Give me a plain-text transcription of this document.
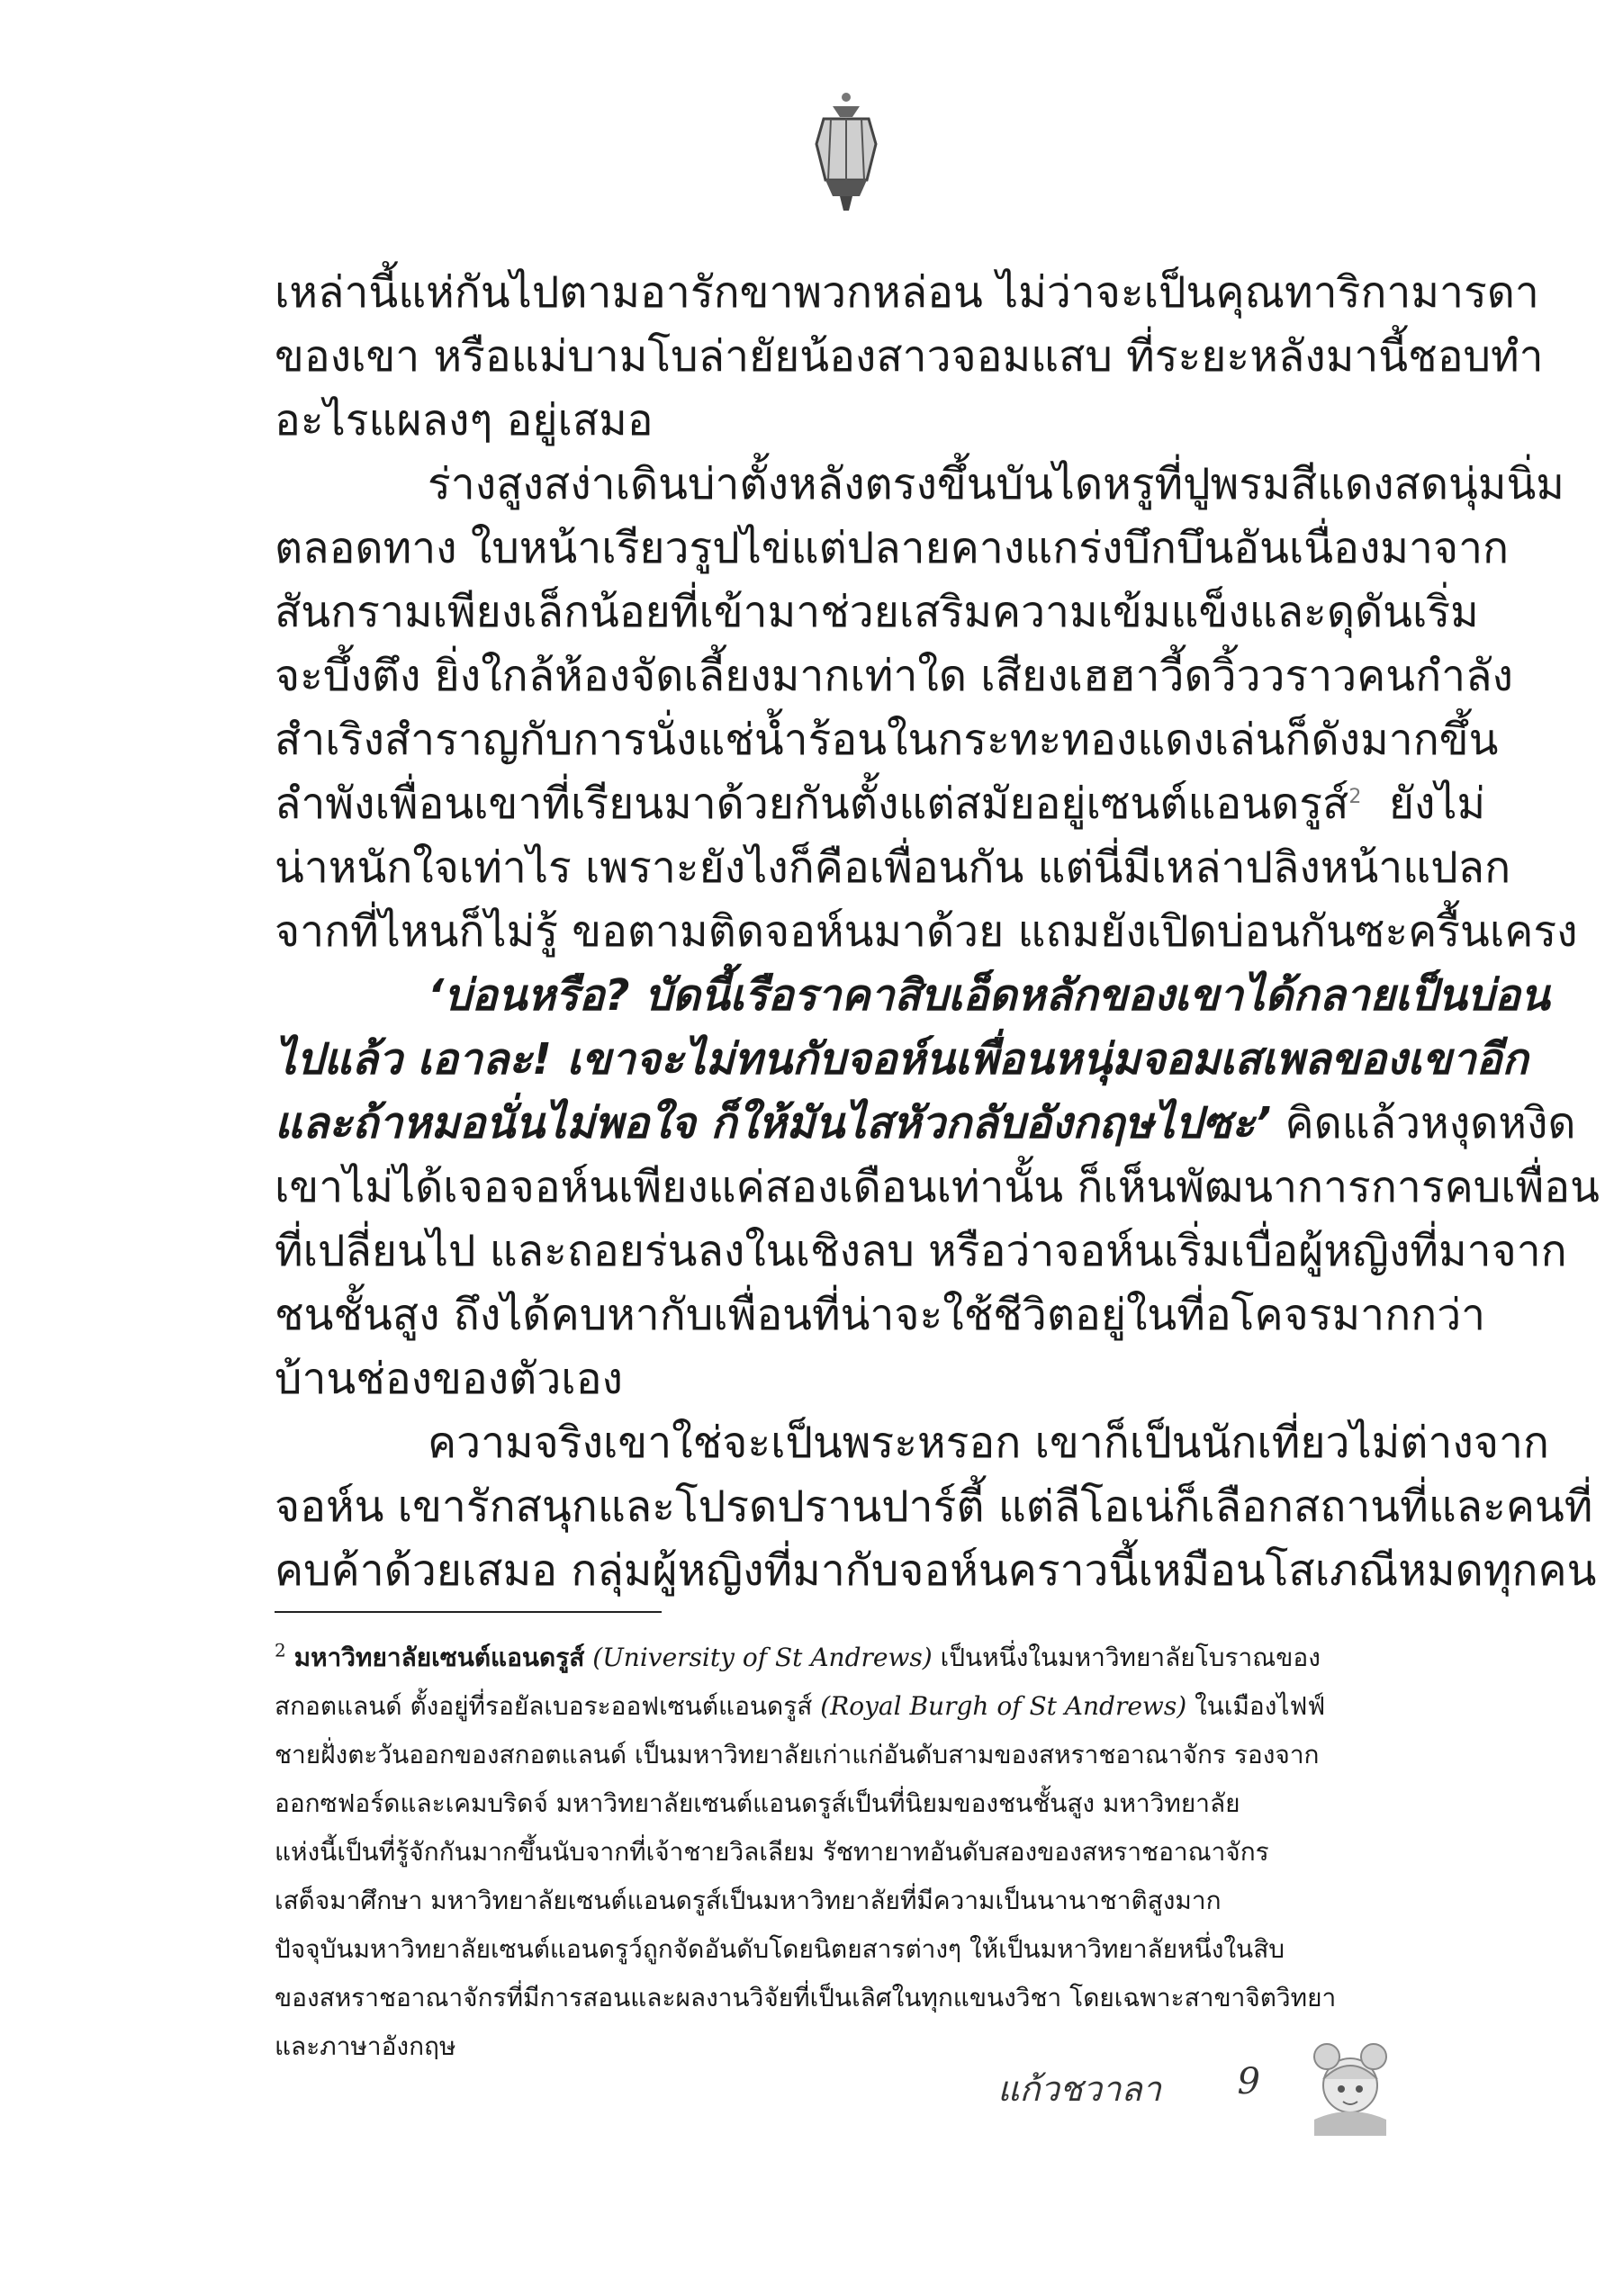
เหล่านี้แห่กันไปตามอารักขาพวกหล่อน ไม่ว่าจะเป็นคุณทาริกามารดา
ของเขา หรือแม่บามโบล่ายัยน้องสาวจอมแสบ ที่ระยะหลังมานี้ชอบทำ
อะไรแผลงๆ อยู่เสมอ
ร่างสูงสง่าเดินบ่าตั้งหลังตรงขึ้นบันไดหรูที่ปูพรมสีแดงสดนุ่มนิ่ม
ตลอดทาง ใบหน้าเรียวรูปไข่แต่ปลายคางแกร่งบึกบึนอันเนื่องมาจาก
สันกรามเพียงเล็กน้อยที่เข้ามาช่วยเสริมความเข้มแข็งและดุดันเริ่ม
จะบึ้งตึง ยิ่งใกล้ห้องจัดเลี้ยงมากเท่าใด เสียงเฮฮาวี้ดวิ้ววราวคนกำลัง
สำเริงสำราญกับการนั่งแช่น้ำร้อนในกระทะทองแดงเล่นก็ดังมากขึ้น
ลำพังเพื่อนเขาที่เรียนมาด้วยกันตั้งแต่สมัยอยู่เซนต์แอนดรูส์$^2$ ยังไม่
น่าหนักใจเท่าไร เพราะยังไงก็คือเพื่อนกัน แต่นี่มีเหล่าปลิงหน้าแปลก
จากที่ไหนก็ไม่รู้ ขอตามติดจอห์นมาด้วย แถมยังเปิดบ่อนกันซะครื้นเครง
‘บ่อนหรือ? บัดนี้เรือราคาสิบเอ็ดหลักของเขาได้กลายเป็นบ่อน
ไปแล้ว เอาละ! เขาจะไม่ทนกับจอห์นเพื่อนหนุ่มจอมเสเพลของเขาอีก
และถ้าหมอนั่นไม่พอใจ ก็ให้มันไสหัวกลับอังกฤษไปซะ’ คิดแล้วหงุดหงิด
เขาไม่ได้เจอจอห์นเพียงแค่สองเดือนเท่านั้น ก็เห็นพัฒนาการการคบเพื่อน
ที่เปลี่ยนไป และถอยร่นลงในเชิงลบ หรือว่าจอห์นเริ่มเบื่อผู้หญิงที่มาจาก
ชนชั้นสูง ถึงได้คบหากับเพื่อนที่น่าจะใช้ชีวิตอยู่ในที่อโคจรมากกว่า
บ้านช่องของตัวเอง
ความจริงเขาใช่จะเป็นพระหรอก เขาก็เป็นนักเที่ยวไม่ต่างจาก
จอห์น เขารักสนุกและโปรดปรานปาร์ตี้ แต่ลีโอเน่ก็เลือกสถานที่และคนที่
คบค้าด้วยเสมอ กลุ่มผู้หญิงที่มากับจอห์นคราวนี้เหมือนโสเภณีหมดทุกคน
$^2$ มหาวิทยาลัยเซนต์แอนดรูส์ (University of St Andrews) เป็นหนึ่งในมหาวิทยาลัยโบราณของ
สกอตแลนด์ ตั้งอยู่ที่รอยัลเบอระออฟเซนต์แอนดรูส์ (Royal Burgh of St Andrews) ในเมืองไฟฟ์
ชายฝั่งตะวันออกของสกอตแลนด์ เป็นมหาวิทยาลัยเก่าแก่อันดับสามของสหราชอาณาจักร รองจาก
ออกซฟอร์ดและเคมบริดจ์ มหาวิทยาลัยเซนต์แอนดรูส์เป็นที่นิยมของชนชั้นสูง มหาวิทยาลัย
แห่งนี้เป็นที่รู้จักกันมากขึ้นนับจากที่เจ้าชายวิลเลียม รัชทายาทอันดับสองของสหราชอาณาจักร
เสด็จมาศึกษา มหาวิทยาลัยเซนต์แอนดรูส์เป็นมหาวิทยาลัยที่มีความเป็นนานาชาติสูงมาก
ปัจจุบันมหาวิทยาลัยเซนต์แอนดรูว์ถูกจัดอันดับโดยนิตยสารต่างๆ ให้เป็นมหาวิทยาลัยหนึ่งในสิบ
ของสหราชอาณาจักรที่มีการสอนและผลงานวิจัยที่เป็นเลิศในทุกแขนงวิชา โดยเฉพาะสาขาจิตวิทยา
และภาษาอังกฤษ
แก้วชวาลา 9
